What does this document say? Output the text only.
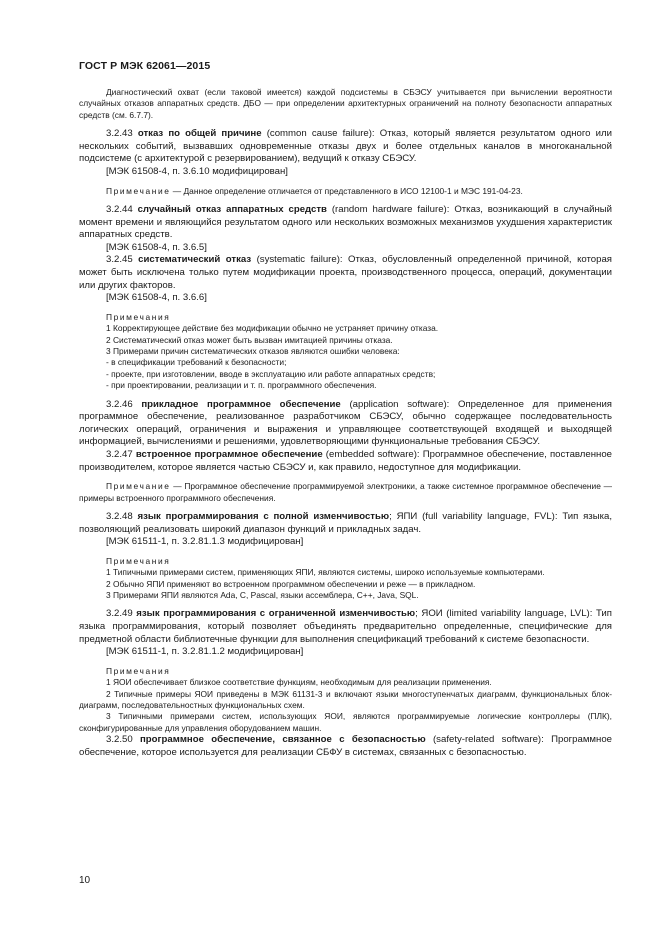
ГОСТ Р МЭК 62061—2015

Диагностический охват (если таковой имеется) каждой подсистемы в СБЭСУ учитывается при вычислении вероятности случайных отказов аппаратных средств. ДБО — при определении архитектурных ограничений на полноту безопасности аппаратных средств (см. 6.7.7).

3.2.43 отказ по общей причине (common cause failure): Отказ, который является результатом одного или нескольких событий, вызвавших одновременные отказы двух и более отдельных каналов в многоканальной подсистеме (с архитектурой с резервированием), ведущий к отказу СБЭСУ.

[МЭК 61508-4, п. 3.6.10 модифицирован]

Примечание — Данное определение отличается от представленного в ИСО 12100-1 и МЭС 191-04-23.

3.2.44 случайный отказ аппаратных средств (random hardware failure): Отказ, возникающий в случайный момент времени и являющийся результатом одного или нескольких возможных механизмов ухудшения характеристик аппаратных средств.

[МЭК 61508-4, п. 3.6.5]

3.2.45 систематический отказ (systematic failure): Отказ, обусловленный определенной причиной, которая может быть исключена только путем модификации проекта, производственного процесса, операций, документации или других факторов.

[МЭК 61508-4, п. 3.6.6]

Примечания

1 Корректирующее действие без модификации обычно не устраняет причину отказа.

2 Систематический отказ может быть вызван имитацией причины отказа.

3 Примерами причин систематических отказов являются ошибки человека:

- в спецификации требований к безопасности;

- проекте, при изготовлении, вводе в эксплуатацию или работе аппаратных средств;

- при проектировании, реализации и т. п. программного обеспечения.

3.2.46 прикладное программное обеспечение (application software): Определенное для применения программное обеспечение, реализованное разработчиком СБЭСУ, обычно содержащее последовательность логических операций, ограничения и выражения и управляющее соответствующей входящей и выходящей информацией, вычислениями и решениями, удовлетворяющими функциональные требования СБЭСУ.

3.2.47 встроенное программное обеспечение (embedded software): Программное обеспечение, поставленное производителем, которое является частью СБЭСУ и, как правило, недоступное для модификации.

Примечание — Программное обеспечение программируемой электроники, а также системное программное обеспечение — примеры встроенного программного обеспечения.

3.2.48 язык программирования с полной изменчивостью; ЯПИ (full variability language, FVL): Тип языка, позволяющий реализовать широкий диапазон функций и прикладных задач.

[МЭК 61511-1, п. 3.2.81.1.3 модифицирован]

Примечания

1 Типичными примерами систем, применяющих ЯПИ, являются системы, широко используемые компьютерами.

2 Обычно ЯПИ применяют во встроенном программном обеспечении и реже — в прикладном.

3 Примерами ЯПИ являются Ada, С, Pascal, языки ассемблера, С++, Java, SQL.

3.2.49 язык программирования с ограниченной изменчивостью; ЯОИ (limited variability language, LVL): Тип языка программирования, который позволяет объединять предварительно определенные, специфические для предметной области библиотечные функции для выполнения спецификаций требований к системе безопасности.

[МЭК 61511-1, п. 3.2.81.1.2 модифицирован]

Примечания

1 ЯОИ обеспечивает близкое соответствие функциям, необходимым для реализации применения.

2 Типичные примеры ЯОИ приведены в МЭК 61131-3 и включают языки многоступенчатых диаграмм, функциональных блок-диаграмм, последовательностных функциональных схем.

3 Типичными примерами систем, использующих ЯОИ, являются программируемые логические контроллеры (ПЛК), сконфигурированные для управления оборудованием машин.

3.2.50 программное обеспечение, связанное с безопасностью (safety-related software): Программное обеспечение, которое используется для реализации СБФУ в системах, связанных с безопасностью.

10
